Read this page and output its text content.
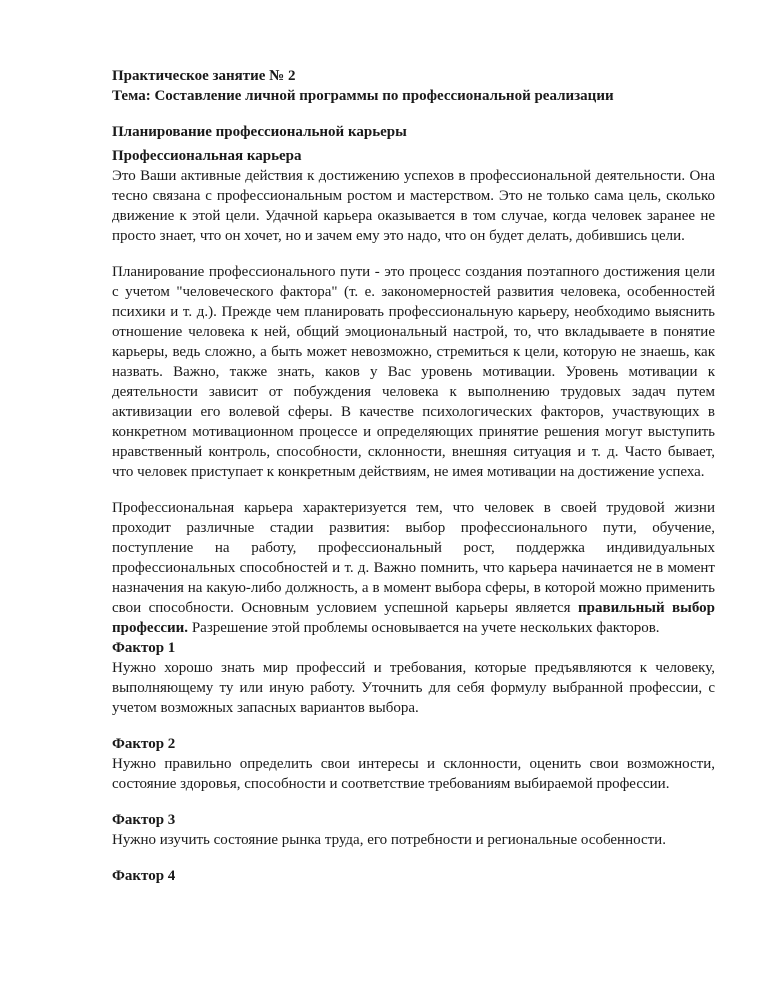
Практическое занятие № 2
Тема: Составление личной программы по профессиональной реализации
Планирование профессиональной карьеры
Профессиональная карьера

Это Ваши активные действия к достижению успехов в профессиональной деятельности. Она тесно связана с профессиональным ростом и мастерством. Это не только сама цель, сколько движение к этой цели. Удачной карьера оказывается в том случае, когда человек заранее не просто знает, что он хочет, но и зачем ему это надо, что он будет делать, добившись цели.

Планирование профессионального пути - это процесс создания поэтапного достижения цели с учетом "человеческого фактора" (т. е. закономерностей развития человека, особенностей психики и т. д.). Прежде чем планировать профессиональную карьеру, необходимо выяснить отношение человека к ней, общий эмоциональный настрой, то, что вкладываете в понятие карьеры, ведь сложно, а быть может невозможно, стремиться к цели, которую не знаешь, как назвать. Важно, также знать, каков у Вас уровень мотивации. Уровень мотивации к деятельности зависит от побуждения человека к выполнению трудовых задач путем активизации его волевой сферы. В качестве психологических факторов, участвующих в конкретном мотивационном процессе и определяющих принятие решения могут выступить нравственный контроль, способности, склонности, внешняя ситуация и т. д. Часто бывает, что человек приступает к конкретным действиям, не имея мотивации на достижение успеха.

Профессиональная карьера характеризуется тем, что человек в своей трудовой жизни проходит различные стадии развития: выбор профессионального пути, обучение, поступление на работу, профессиональный рост, поддержка индивидуальных профессиональных способностей и т. д. Важно помнить, что карьера начинается не в момент назначения на какую-либо должность, а в момент выбора сферы, в которой можно применить свои способности. Основным условием успешной карьеры является правильный выбор профессии. Разрешение этой проблемы основывается на учете нескольких факторов.

Фактор 1

Нужно хорошо знать мир профессий и требования, которые предъявляются к человеку, выполняющему ту или иную работу. Уточнить для себя формулу выбранной профессии, с учетом возможных запасных вариантов выбора.

Фактор 2

Нужно правильно определить свои интересы и склонности, оценить свои возможности, состояние здоровья, способности и соответствие требованиям выбираемой профессии.

Фактор 3

Нужно изучить состояние рынка труда, его потребности и региональные особенности.

Фактор 4
